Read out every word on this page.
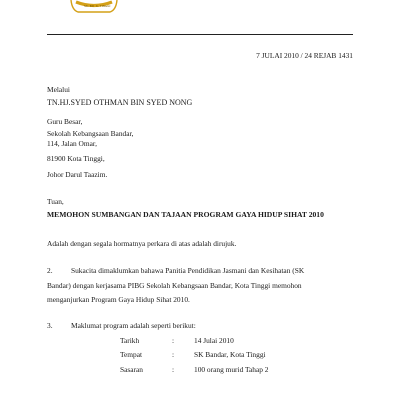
SK. BD K. TINGGI
7 JULAI 2010 / 24 REJAB 1431
Melalui
TN.HJ.SYED OTHMAN BIN SYED NONG
Guru Besar,
Sekolah Kebangsaan Bandar,
114, Jalan Omar,
81900 Kota Tinggi,
Johor Darul Taazim.
Tuan,
MEMOHON SUMBANGAN DAN TAJAAN PROGRAM GAYA HIDUP SIHAT 2010
Adalah dengan segala hormatnya perkara di atas adalah dirujuk.
2. Sukacita dimaklumkan bahawa Panitia Pendidikan Jasmani dan Kesihatan (SK
Bandar) dengan kerjasama PIBG Sekolah Kebangsaan Bandar, Kota Tinggi memohon
menganjurkan Program Gaya Hidup Sihat 2010.
3. Maklumat program adalah seperti berikut:
Tarikh	:	14 Julai 2010
Tempat	:	SK Bandar, Kota Tinggi
Sasaran	:	100 orang murid Tahap 2
